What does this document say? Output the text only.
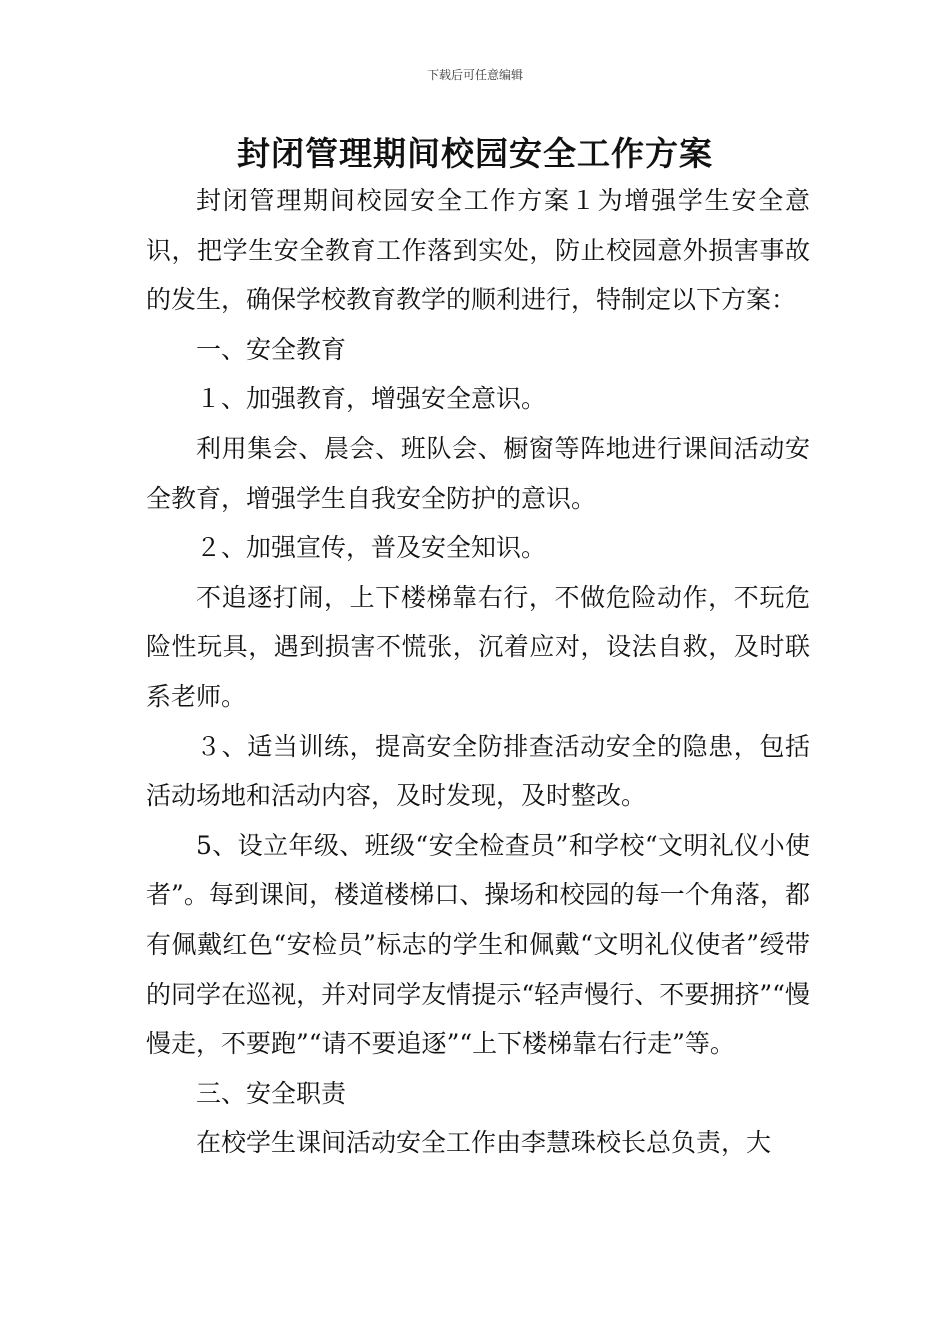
下载后可任意编辑
封闭管理期间校园安全工作方案

封闭管理期间校园安全工作方案１为增强学生安全意识，把学生安全教育工作落到实处，防止校园意外损害事故的发生，确保学校教育教学的顺利进行，特制定以下方案：

一、安全教育

１、加强教育，增强安全意识。

利用集会、晨会、班队会、橱窗等阵地进行课间活动安全教育，增强学生自我安全防护的意识。

２、加强宣传，普及安全知识。

不追逐打闹，上下楼梯靠右行，不做危险动作，不玩危险性玩具，遇到损害不慌张，沉着应对，设法自救，及时联系老师。

３、适当训练，提高安全防排查活动安全的隐患，包括活动场地和活动内容，及时发现，及时整改。

5、设立年级、班级“安全检查员”和学校“文明礼仪小使者”。每到课间，楼道楼梯口、操场和校园的每一个角落，都有佩戴红色“安检员”标志的学生和佩戴“文明礼仪使者”绶带的同学在巡视，并对同学友情提示“轻声慢行、不要拥挤”“慢慢走，不要跑”“请不要追逐”“上下楼梯靠右行走”等。

三、安全职责

在校学生课间活动安全工作由李慧珠校长总负责，大
